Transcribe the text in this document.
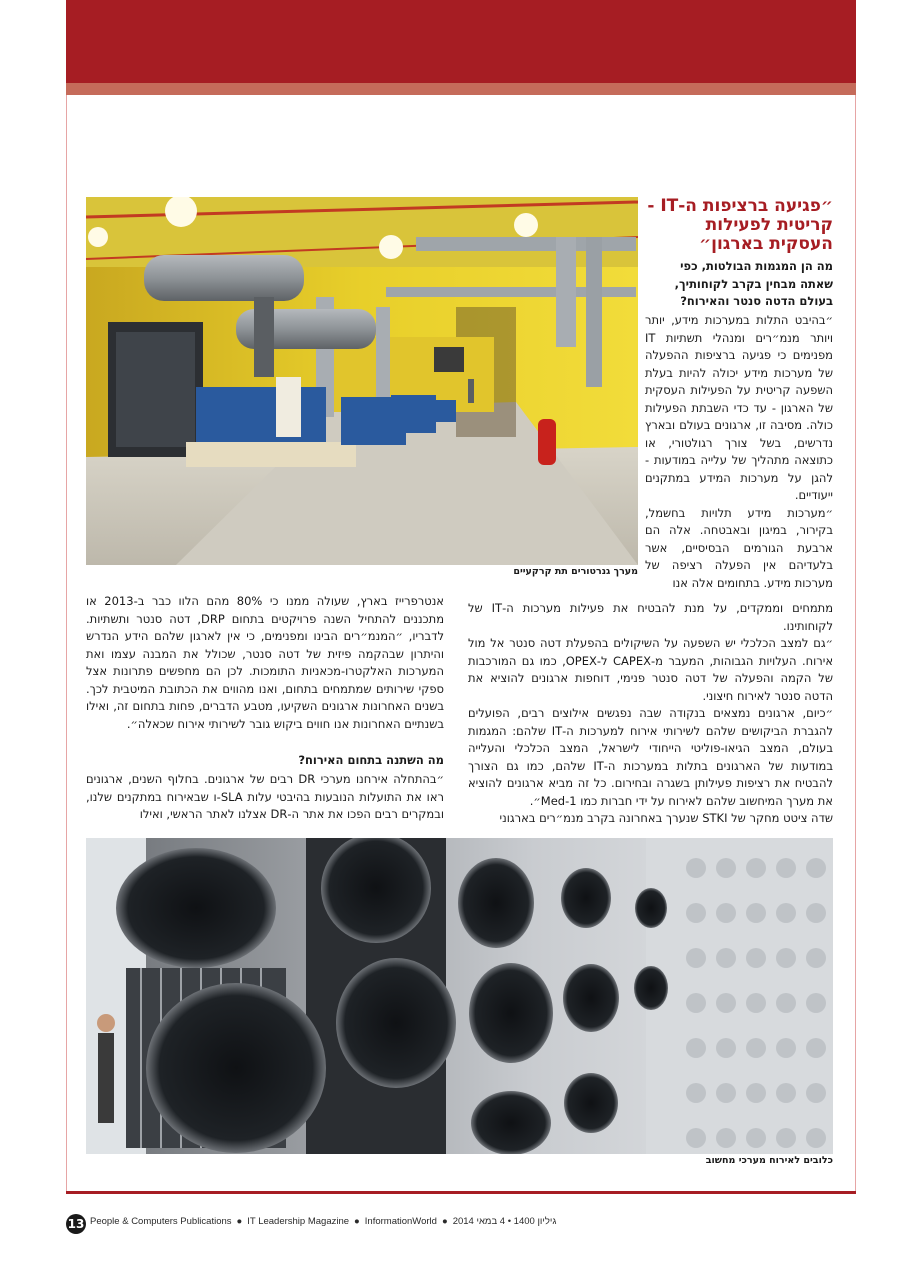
״פגיעה ברציפות ה-IT - קריטית לפעילות העסקית בארגון״
מה הן המגמות הבולטות, כפי שאתה מבחין בקרב לקוחותיך, בעולם הדטה סנטר והאירוח?

״בהיבט התלות במערכות מידע, יותר ויותר מנמ״רים ומנהלי תשתיות IT מפנימים כי פגיעה ברציפות ההפעלה של מערכות מידע יכולה להיות בעלת השפעה קריטית על הפעילות העסקית של הארגון - עד כדי השבתת הפעילות כולה. מסיבה זו, ארגונים בעולם ובארץ נדרשים, בשל צורך רגולטורי, או כתוצאה מתהליך של עלייה במודעות - להגן על מערכות המידע במתקנים ייעודיים.

״מערכות מידע תלויות בחשמל, בקירור, במיגון ובאבטחה. אלה הם ארבעת הגורמים הבסיסיים, אשר בלעדיהם אין הפעלה רציפה של מערכות מידע. בתחומים אלה אנו

מתמחים וממקדים, על מנת להבטיח את פעילות מערכות ה-IT של לקוחותינו.

״גם למצב הכלכלי יש השפעה על השיקולים בהפעלת דטה סנטר אל מול אירוח. העלויות הגבוהות, המעבר מ-CAPEX ל-OPEX, כמו גם המורכבות של הקמה והפעלה של דטה סנטר פנימי, דוחפות ארגונים להוציא את הדטה סנטר לאירוח חיצוני.

״כיום, ארגונים נמצאים בנקודה שבה נפגשים אילוצים רבים, הפועלים להגברת הביקושים שלהם לשירותי אירוח למערכות ה-IT שלהם: המגמות בעולם, המצב הגיאו-פוליטי הייחודי לישראל, המצב הכלכלי והעלייה במודעות של הארגונים בתלות במערכות ה-IT שלהם, כמו גם הצורך להבטיח את רציפות פעילותן בשגרה ובחירום. כל זה מביא ארגונים להוציא את מערך המיחשוב שלהם לאירוח על ידי חברות כמו Med-1״.

שדה ציטט מחקר של STKI שנערך באחרונה בקרב מנמ״רים בארגוני

אנטרפרייז בארץ, שעולה ממנו כי 80% מהם הלוו כבר ב-2013 או מתכננים להתחיל השנה פרויקטים בתחום DRP, דטה סנטר ותשתיות. לדבריו, ״המנמ״רים הבינו ומפנימים, כי אין לארגון שלהם הידע הנדרש והיתרון שבהקמה פיזית של דטה סנטר, שכולל את המבנה עצמו ואת המערכות האלקטרו-מכאניות התומכות. לכן הם מחפשים פתרונות אצל ספקי שירותים שמתמחים בתחום, ואנו מהווים את הכתובת המיטבית לכך. בשנים האחרונות ארגונים השקיעו, מטבע הדברים, פחות בתחום זה, ואילו בשנתיים האחרונות אנו חווים ביקוש גובר לשירותי אירוח שכאלה״.

מה השתנה בתחום האירוח?

״בהתחלה אירחנו מערכי DR רבים של ארגונים. בחלוף השנים, ארגונים ראו את התועלות הנובעות בהיבטי עלות SLA-ו שבאירוח במתקנים שלנו, ובמקרים רבים הפכו את אתר ה-DR אצלנו לאתר הראשי, ואילו

מערך גנרטורים תת קרקעיים
כלובים לאירוח מערכי מחשוב
13 People & Computers Publications ● IT Leadership Magazine ● InformationWorld ● גיליון 1400 • 4 במאי 2014
